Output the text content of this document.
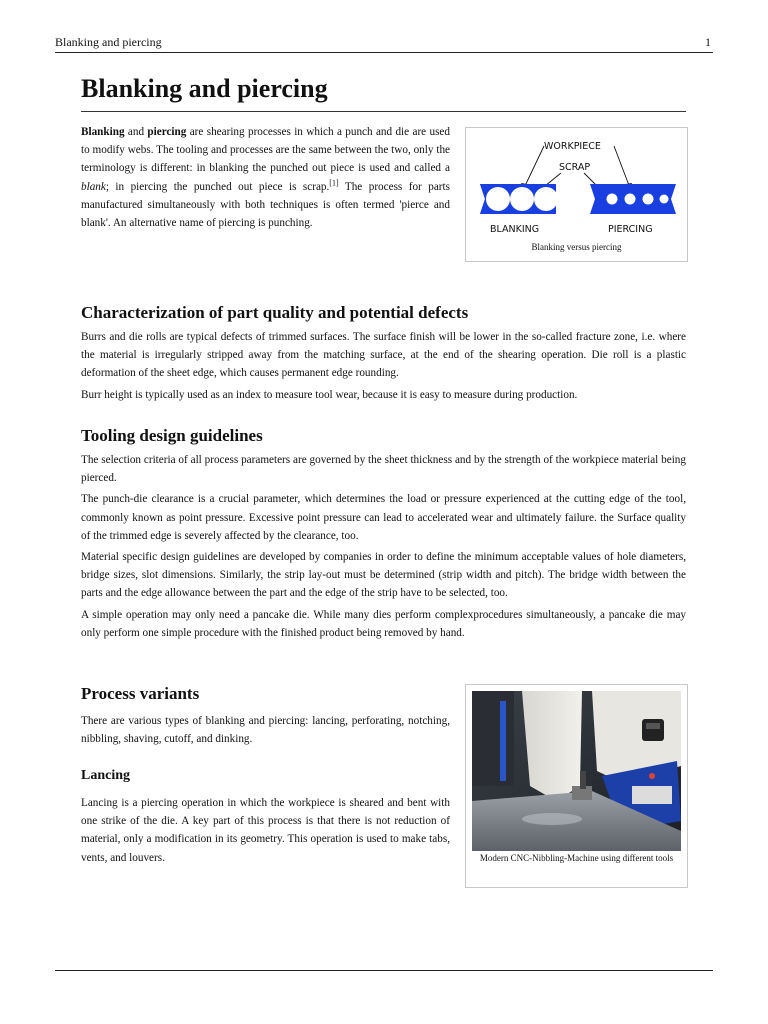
Blanking and piercing	1
Blanking and piercing

Blanking and piercing are shearing processes in which a punch and die are used to modify webs. The tooling and processes are the same between the two, only the terminology is different: in blanking the punched out piece is used and called a blank; in piercing the punched out piece is scrap.[1] The process for parts manufactured simultaneously with both techniques is often termed 'pierce and blank'. An alternative name of piercing is punching.

WORKPIECE
SCRAP
BLANKING	PIERCING
Blanking versus piercing
Characterization of part quality and potential defects

Burrs and die rolls are typical defects of trimmed surfaces. The surface finish will be lower in the so-called fracture zone, i.e. where the material is irregularly stripped away from the matching surface, at the end of the shearing operation. Die roll is a plastic deformation of the sheet edge, which causes permanent edge rounding.

Burr height is typically used as an index to measure tool wear, because it is easy to measure during production.

Tooling design guidelines

The selection criteria of all process parameters are governed by the sheet thickness and by the strength of the workpiece material being pierced.

The punch-die clearance is a crucial parameter, which determines the load or pressure experienced at the cutting edge of the tool, commonly known as point pressure. Excessive point pressure can lead to accelerated wear and ultimately failure. the Surface quality of the trimmed edge is severely affected by the clearance, too.

Material specific design guidelines are developed by companies in order to define the minimum acceptable values of hole diameters, bridge sizes, slot dimensions. Similarly, the strip lay-out must be determined (strip width and pitch). The bridge width between the parts and the edge allowance between the part and the edge of the strip have to be selected, too.

A simple operation may only need a pancake die. While many dies perform complexprocedures simultaneously, a pancake die may only perform one simple procedure with the finished product being removed by hand.

Process variants

There are various types of blanking and piercing: lancing, perforating, notching, nibbling, shaving, cutoff, and dinking.

Lancing

Lancing is a piercing operation in which the workpiece is sheared and bent with one strike of the die. A key part of this process is that there is not reduction of material, only a modification in its geometry. This operation is used to make tabs, vents, and louvers.	Modern CNC-Nibbling-Machine using different tools
